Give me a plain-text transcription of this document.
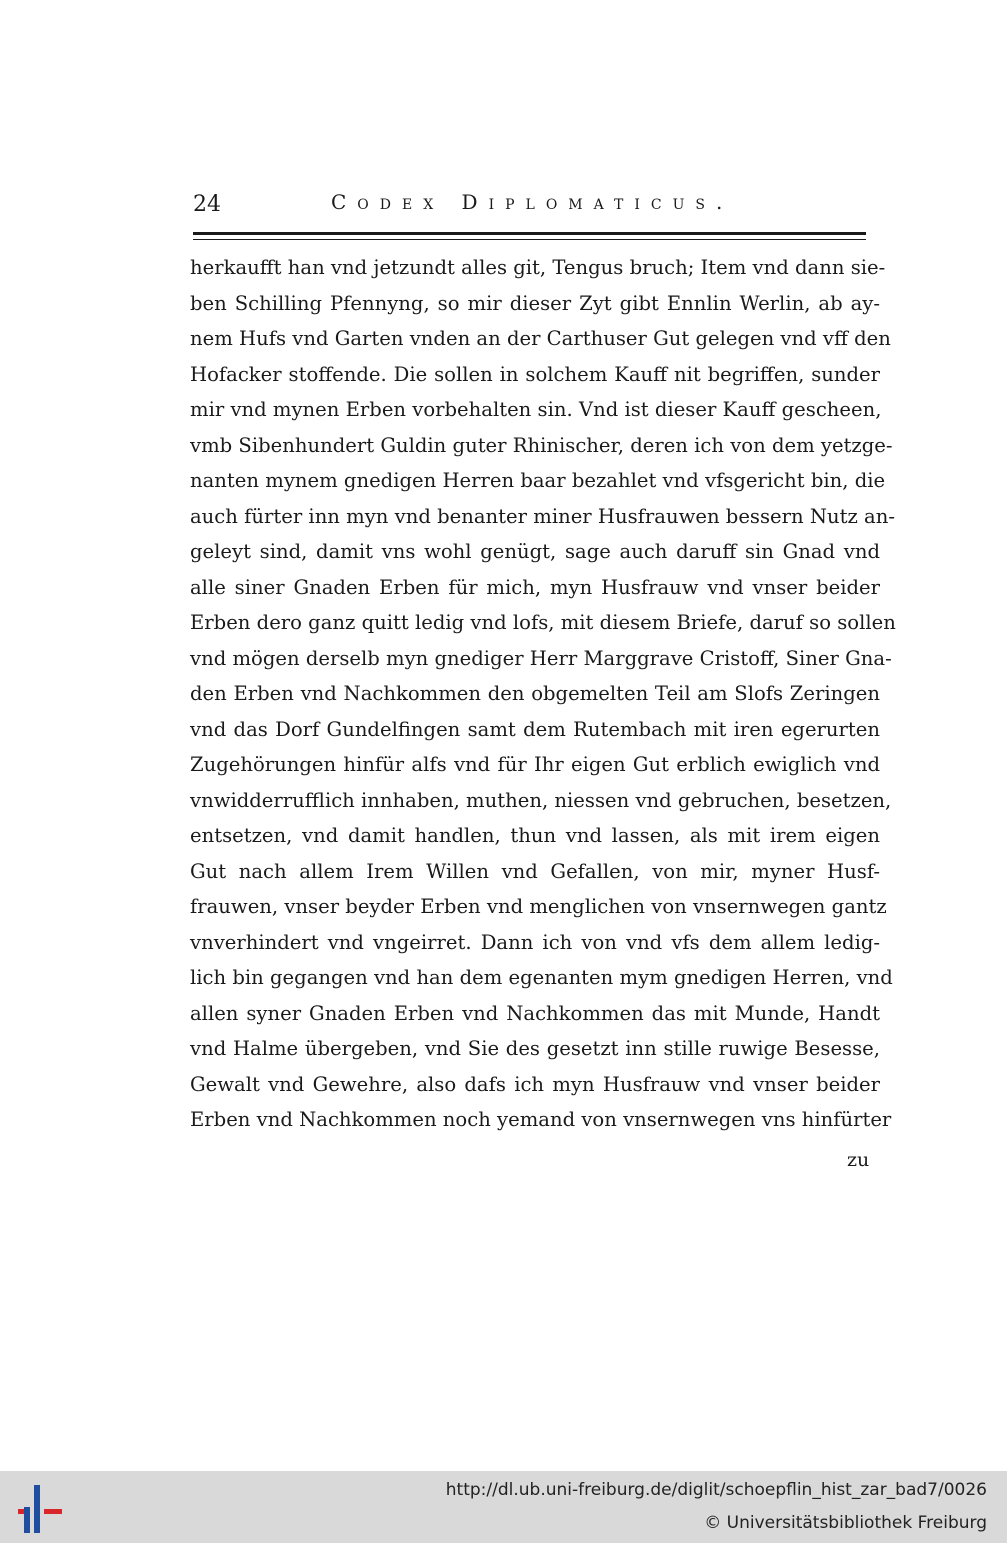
24	Codex Diplomaticus.
herkaufft han vnd jetzundt alles git, Tengus bruch; Item vnd dann sie-
ben Schilling Pfennyng, so mir dieser Zyt gibt Ennlin Werlin, ab ay-
nem Hufs vnd Garten vnden an der Carthuser Gut gelegen vnd vff den
Hofacker stoffende. Die sollen in solchem Kauff nit begriffen, sunder
mir vnd mynen Erben vorbehalten sin. Vnd ist dieser Kauff gescheen,
vmb Sibenhundert Guldin guter Rhinischer, deren ich von dem yetzge-
nanten mynem gnedigen Herren baar bezahlet vnd vfsgericht bin, die
auch fürter inn myn vnd benanter miner Husfrauwen bessern Nutz an-
geleyt sind, damit vns wohl genügt, sage auch daruff sin Gnad vnd
alle siner Gnaden Erben für mich, myn Husfrauw vnd vnser beider
Erben dero ganz quitt ledig vnd lofs, mit diesem Briefe, daruf so sollen
vnd mögen derselb myn gnediger Herr Marggrave Cristoff, Siner Gna-
den Erben vnd Nachkommen den obgemelten Teil am Slofs Zeringen
vnd das Dorf Gundelfingen samt dem Rutembach mit iren egerurten
Zugehörungen hinfür alfs vnd für Ihr eigen Gut erblich ewiglich vnd
vnwidderrufflich innhaben, muthen, niessen vnd gebruchen, besetzen,
entsetzen, vnd damit handlen, thun vnd lassen, als mit irem eigen
Gut nach allem Irem Willen vnd Gefallen, von mir, myner Husf-
frauwen, vnser beyder Erben vnd menglichen von vnsernwegen gantz
vnverhindert vnd vngeirret. Dann ich von vnd vfs dem allem ledig-
lich bin gegangen vnd han dem egenanten mym gnedigen Herren, vnd
allen syner Gnaden Erben vnd Nachkommen das mit Munde, Handt
vnd Halme übergeben, vnd Sie des gesetzt inn stille ruwige Besesse,
Gewalt vnd Gewehre, also dafs ich myn Husfrauw vnd vnser beider
Erben vnd Nachkommen noch yemand von vnsernwegen vns hinfürter
zu
http://dl.ub.uni-freiburg.de/diglit/schoepflin_hist_zar_bad7/0026
© Universitätsbibliothek Freiburg
